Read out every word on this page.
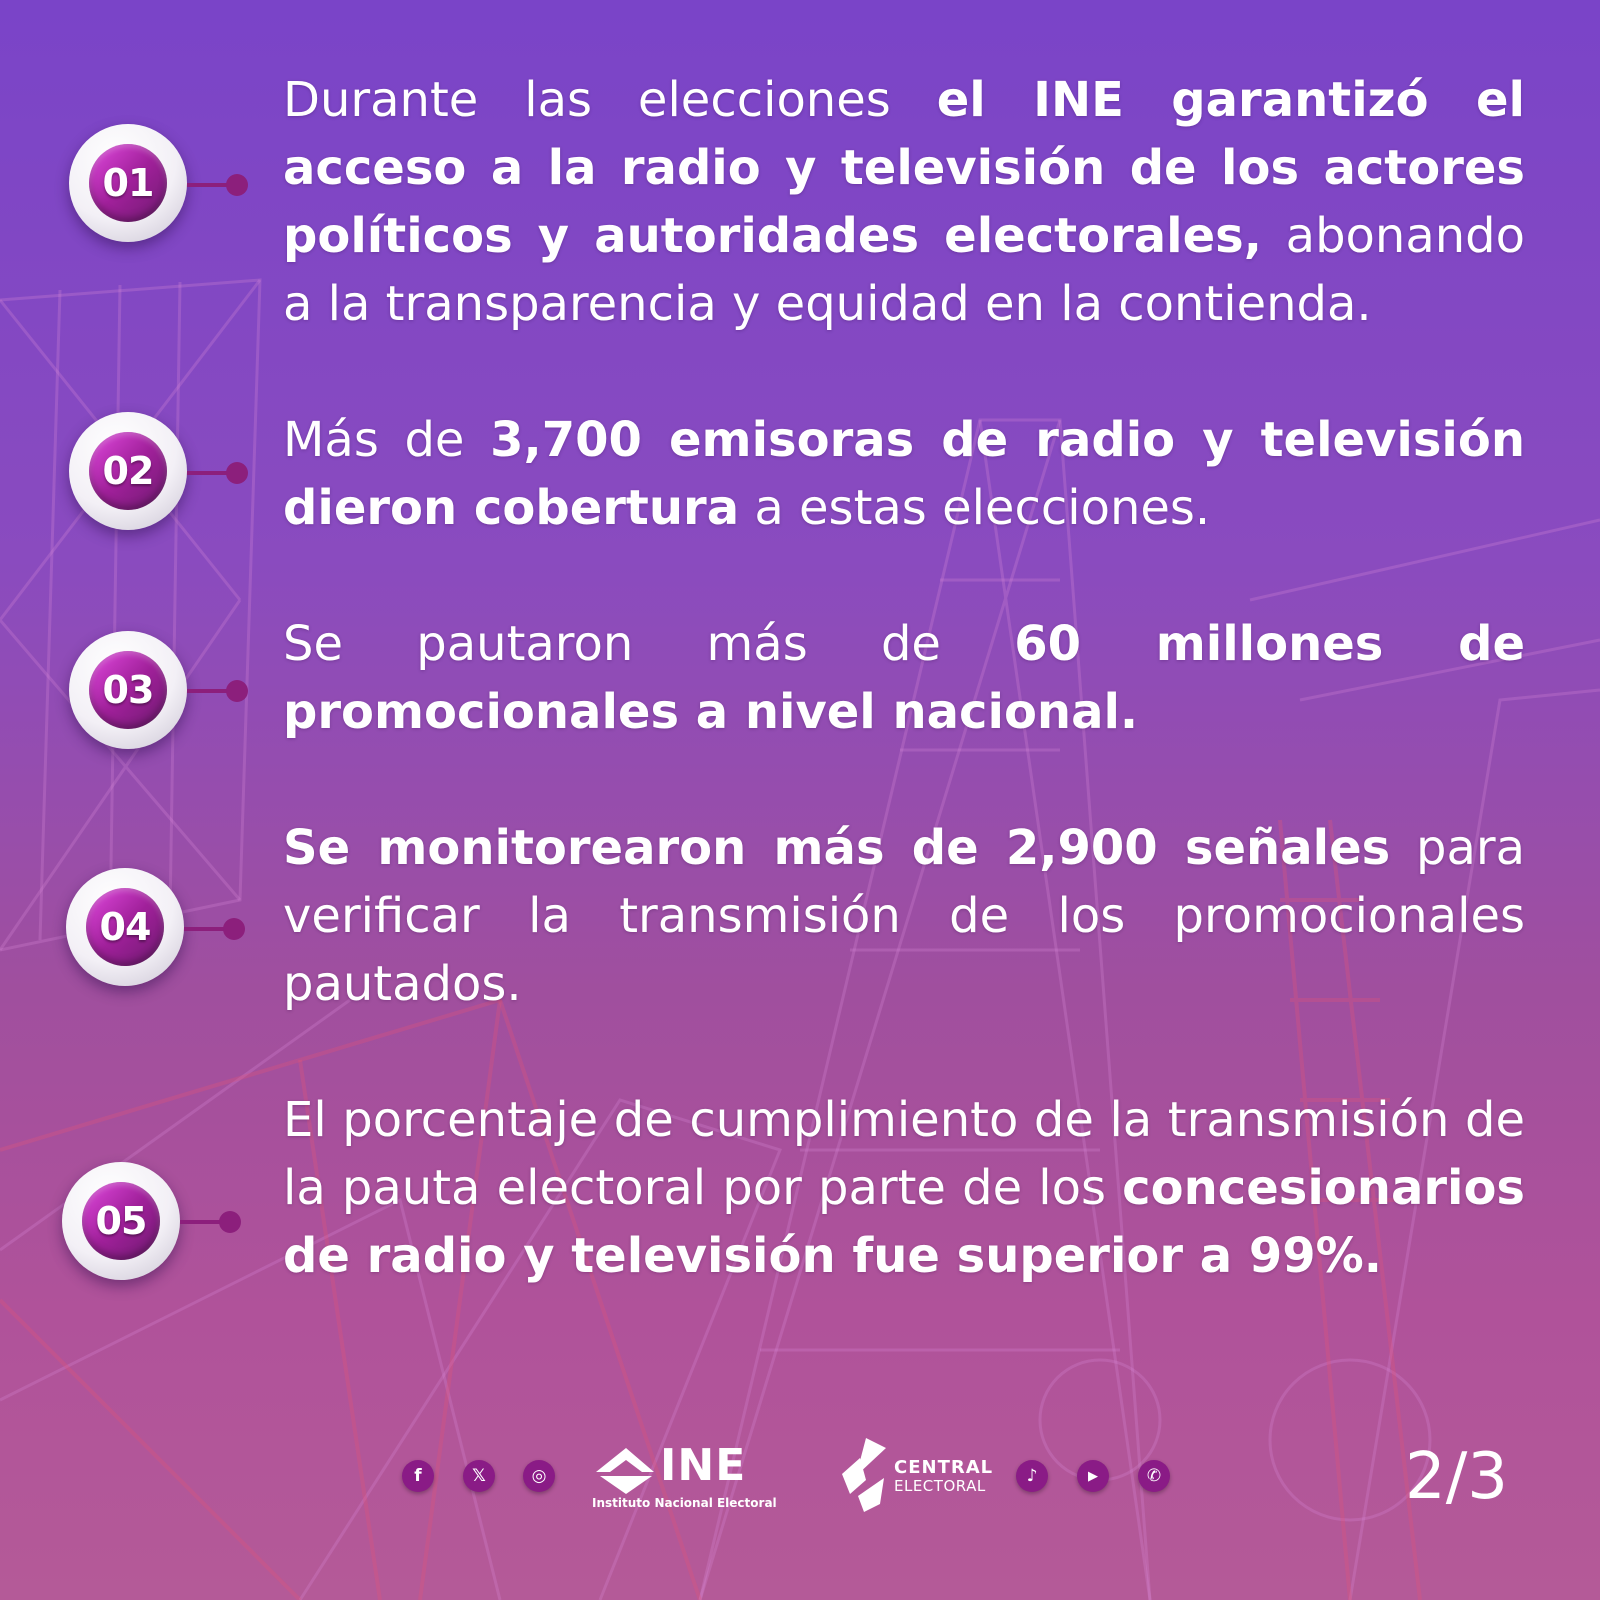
01
Durante las elecciones el INE garantizó el acceso a la radio y televisión de los actores políticos y autoridades electorales, abonando a la transparencia y equidad en la contienda.
02
Más de 3,700 emisoras de radio y televisión dieron cobertura a estas elecciones.
03
Se pautaron más de 60 millones de promocionales a nivel nacional.
04
Se monitorearon más de 2,900 señales para verificar la transmisión de los promocionales pautados.
05
El porcentaje de cumplimiento de la transmisión de la pauta electoral por parte de los concesionarios de radio y televisión fue superior a 99%.
f	𝕏	◎	INE
Instituto Nacional Electoral
CENTRAL
ELECTORAL ♪	▶	✆	2/3
